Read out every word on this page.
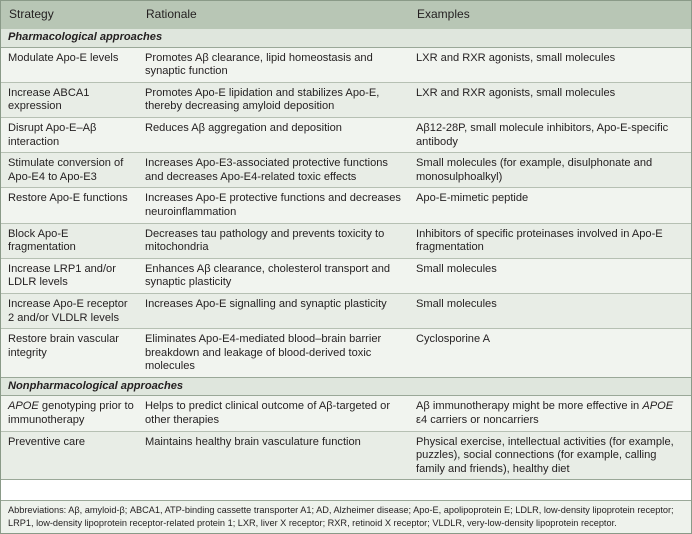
Strategy	Rationale	Examples
Pharmacological approaches		
Modulate Apo-E levels	Promotes Aβ clearance, lipid homeostasis and synaptic function	LXR and RXR agonists, small molecules
Increase ABCA1 expression	Promotes Apo-E lipidation and stabilizes Apo-E, thereby decreasing amyloid deposition	LXR and RXR agonists, small molecules
Disrupt Apo-E–Aβ interaction	Reduces Aβ aggregation and deposition	Aβ12-28P, small molecule inhibitors, Apo-E-specific antibody
Stimulate conversion of Apo-E4 to Apo-E3	Increases Apo-E3-associated protective functions and decreases Apo-E4-related toxic effects	Small molecules (for example, disulphonate and monosulphoalkyl)
Restore Apo-E functions	Increases Apo-E protective functions and decreases neuroinflammation	Apo-E-mimetic peptide
Block Apo-E fragmentation	Decreases tau pathology and prevents toxicity to mitochondria	Inhibitors of specific proteinases involved in Apo-E fragmentation
Increase LRP1 and/or LDLR levels	Enhances Aβ clearance, cholesterol transport and synaptic plasticity	Small molecules
Increase Apo-E receptor 2 and/or VLDLR levels	Increases Apo-E signalling and synaptic plasticity	Small molecules
Restore brain vascular integrity	Eliminates Apo-E4-mediated blood–brain barrier breakdown and leakage of blood-derived toxic molecules	Cyclosporine A
Nonpharmacological approaches		
APOE genotyping prior to immunotherapy	Helps to predict clinical outcome of Aβ-targeted or other therapies	Aβ immunotherapy might be more effective in APOE ε4 carriers or noncarriers
Preventive care	Maintains healthy brain vasculature function	Physical exercise, intellectual activities (for example, puzzles), social connections (for example, calling family and friends), healthy diet
Abbreviations: Aβ, amyloid-β; ABCA1, ATP-binding cassette transporter A1; AD, Alzheimer disease; Apo-E, apolipoprotein E; LDLR, low-density lipoprotein receptor; LRP1, low-density lipoprotein receptor-related protein 1; LXR, liver X receptor; RXR, retinoid X receptor; VLDLR, very-low-density lipoprotein receptor.
